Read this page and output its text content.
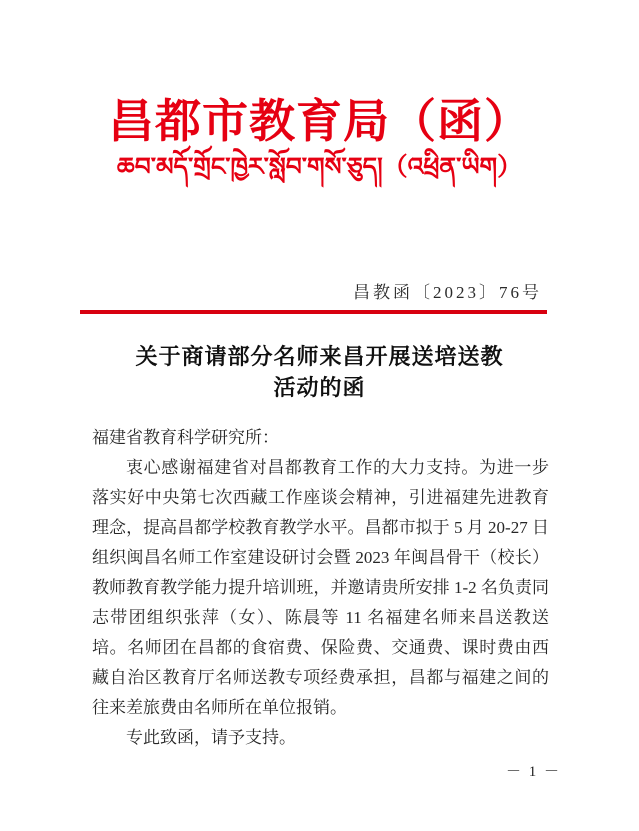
昌都市教育局（函）
ཆབ་མདོ་གྲོང་ཁྱེར་སློབ་གསོ་ཅུད།（འཕྲིན་ཡིག）
昌教函〔2023〕76号
关于商请部分名师来昌开展送培送教
活动的函

福建省教育科学研究所：

衷心感谢福建省对昌都教育工作的大力支持。为进一步落实好中央第七次西藏工作座谈会精神，引进福建先进教育理念，提高昌都学校教育教学水平。昌都市拟于 5 月 20-27 日组织闽昌名师工作室建设研讨会暨 2023 年闽昌骨干（校长）教师教育教学能力提升培训班，并邀请贵所安排 1-2 名负责同志带团组织张萍（女）、陈晨等 11 名福建名师来昌送教送培。名师团在昌都的食宿费、保险费、交通费、课时费由西藏自治区教育厅名师送教专项经费承担，昌都与福建之间的往来差旅费由名师所在单位报销。

专此致函，请予支持。

－ 1 －
